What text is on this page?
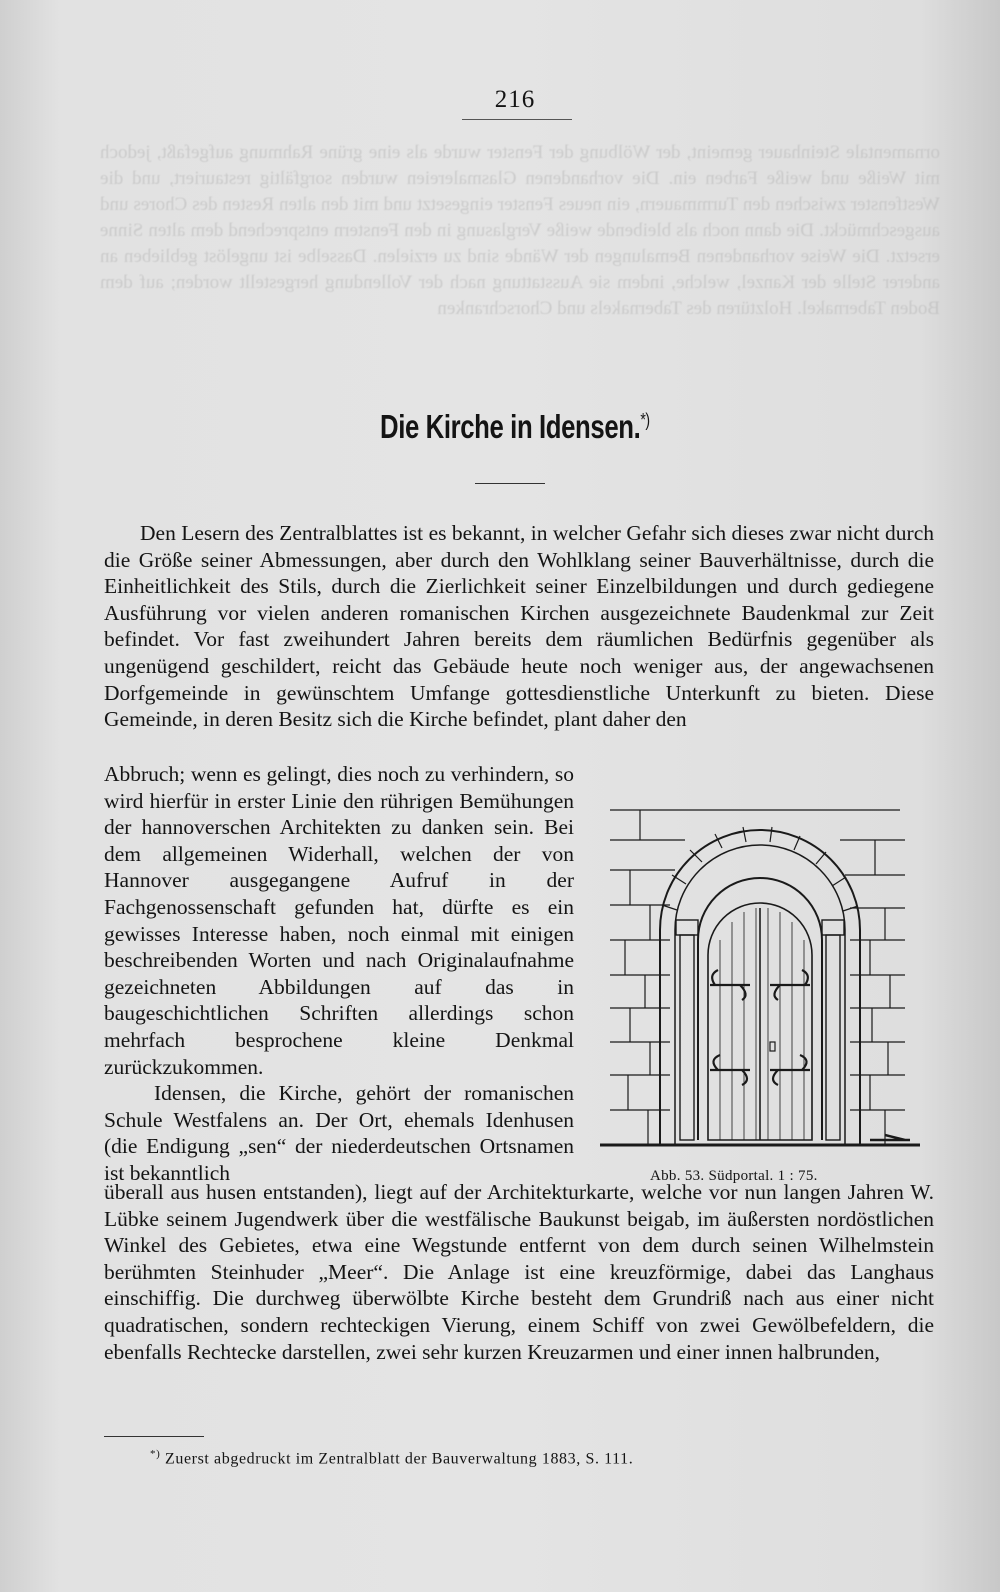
ornamentale Steinhauer gemeint, der Wölbung der Fenster wurde als eine grüne Rahmung aufgefaßt, jedoch mit Weiße und weiße Farben ein. Die vorhandenen Glasmalereien wurden sorgfältig restauriert, und die Westfenster zwischen den Turmmauern, ein neues Fenster eingesetzt und mit den alten Resten des Chores und ausgeschmückt. Die dann noch als bleibende weiße Verglasung in den Fenstern entsprechend dem alten Sinne ersetzt. Die Weise vorhandenen Bemalungen der Wände sind zu erzielen. Dasselbe ist ungelöst geblieben an anderer Stelle der Kanzel, welche, indem sie Ausstattung nach der Vollendung hergestellt worden; auf dem Boden Tabernakel. Holztüren des Tabernakels und Chorschranken
216
Die Kirche in Idensen.*)

Den Lesern des Zentralblattes ist es bekannt, in welcher Gefahr sich dieses zwar nicht durch die Größe seiner Abmessungen, aber durch den Wohlklang seiner Bauverhältnisse, durch die Einheitlichkeit des Stils, durch die Zierlichkeit seiner Einzelbildungen und durch gediegene Ausführung vor vielen anderen romanischen Kirchen ausgezeichnete Baudenkmal zur Zeit befindet. Vor fast zweihundert Jahren bereits dem räumlichen Bedürfnis gegenüber als ungenügend geschildert, reicht das Gebäude heute noch weniger aus, der angewachsenen Dorfgemeinde in gewünschtem Umfange gottesdienstliche Unterkunft zu bieten. Diese Gemeinde, in deren Besitz sich die Kirche befindet, plant daher den

Abbruch; wenn es gelingt, dies noch zu verhindern, so wird hierfür in erster Linie den rührigen Bemühungen der hannoverschen Architekten zu danken sein. Bei dem allgemeinen Widerhall, welchen der von Hannover ausgegangene Aufruf in der Fachgenossenschaft gefunden hat, dürfte es ein gewisses Interesse haben, noch einmal mit einigen beschreibenden Worten und nach Originalaufnahme gezeichneten Abbildungen auf das in baugeschichtlichen Schriften allerdings schon mehrfach besprochene kleine Denkmal zurückzukommen.

Idensen, die Kirche, gehört der romanischen Schule Westfalens an. Der Ort, ehemals Idenhusen (die Endigung „sen“ der niederdeutschen Ortsnamen ist bekanntlich	Abb. 53. Südportal. 1 : 75.

überall aus husen entstanden), liegt auf der Architekturkarte, welche vor nun langen Jahren W. Lübke seinem Jugendwerk über die westfälische Baukunst beigab, im äußersten nordöstlichen Winkel des Gebietes, etwa eine Wegstunde entfernt von dem durch seinen Wilhelmstein berühmten Steinhuder „Meer“. Die Anlage ist eine kreuzförmige, dabei das Langhaus einschiffig. Die durchweg überwölbte Kirche besteht dem Grundriß nach aus einer nicht quadratischen, sondern rechteckigen Vierung, einem Schiff von zwei Gewölbefeldern, die ebenfalls Rechtecke darstellen, zwei sehr kurzen Kreuzarmen und einer innen halbrunden,

*) Zuerst abgedruckt im Zentralblatt der Bauverwaltung 1883, S. 111.
